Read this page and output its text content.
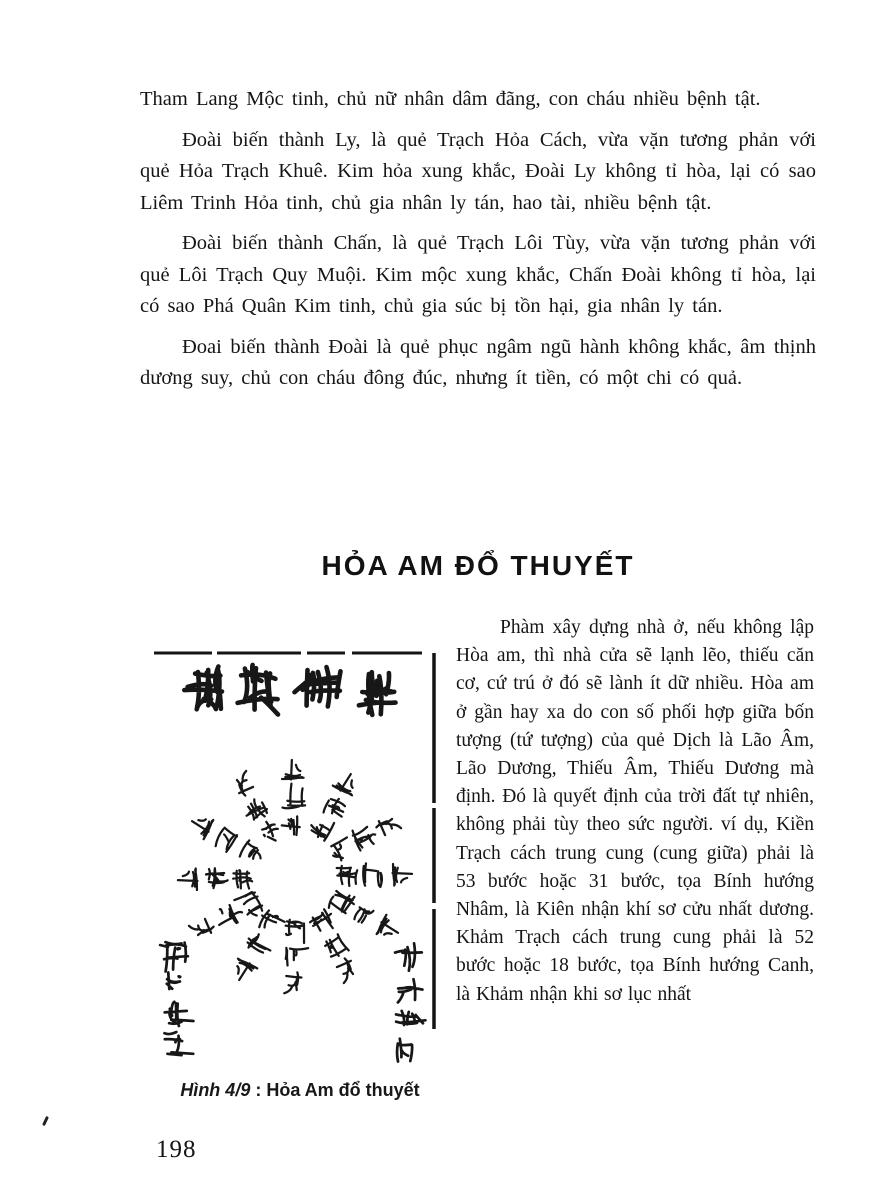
Tham Lang Mộc tinh, chủ nữ nhân dâm đãng, con cháu nhiều bệnh tật.

Đoài biến thành Ly, là quẻ Trạch Hỏa Cách, vừa vặn tương phản với quẻ Hỏa Trạch Khuê. Kim hỏa xung khắc, Đoài Ly không tỉ hòa, lại có sao Liêm Trinh Hỏa tinh, chủ gia nhân ly tán, hao tài, nhiều bệnh tật.

Đoài biến thành Chấn, là quẻ Trạch Lôi Tùy, vừa vặn tương phản với quẻ Lôi Trạch Quy Muội. Kim mộc xung khắc, Chấn Đoài không tỉ hòa, lại có sao Phá Quân Kim tinh, chủ gia súc bị tồn hại, gia nhân ly tán.

Đoai biến thành Đoài là quẻ phục ngâm ngũ hành không khắc, âm thịnh dương suy, chủ con cháu đông đúc, nhưng ít tiền, có một chi có quả.

HỎA AM ĐỔ THUYẾT
Hình 4/9 : Hỏa Am đổ thuyết
Phàm xây dựng nhà ở, nếu không lập Hòa am, thì nhà cửa sẽ lạnh lẽo, thiếu căn cơ, cứ trú ở đó sẽ lành ít dữ nhiều. Hòa am ở gần hay xa do con số phối hợp giữa bốn tượng (tứ tượng) của quẻ Dịch là Lão Âm, Lão Dương, Thiếu Âm, Thiếu Dương mà định. Đó là quyết định của trời đất tự nhiên, không phải tùy theo sức người. ví dụ, Kiền Trạch cách trung cung (cung giữa) phải là 53 bước hoặc 31 bước, tọa Bính hướng Nhâm, là Kiên nhận khí sơ cửu nhất dương. Khảm Trạch cách trung cung phải là 52 bước hoặc 18 bước, tọa Bính hướng Canh, là Khảm nhận khi sơ lục nhất
198
